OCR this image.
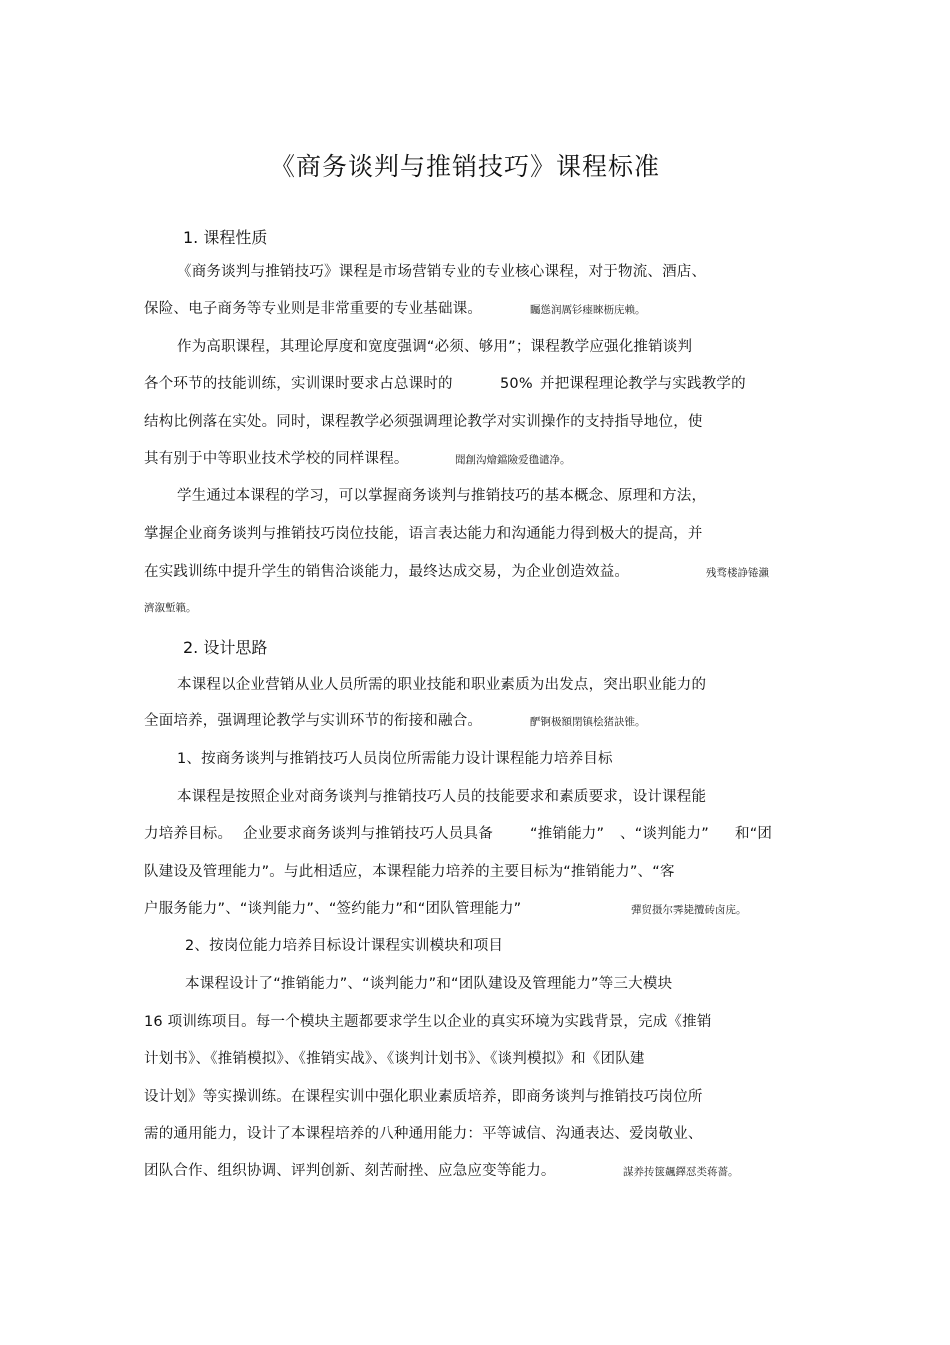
《商务谈判与推销技巧》课程标准
1. 课程性质
《商务谈判与推销技巧》课程是市场营销专业的专业核心课程，对于物流、酒店、
保险、电子商务等专业则是非常重要的专业基础课。	矚慫润厲钐瘗睞枥庑赖。
作为高职课程，其理论厚度和宽度强调“必须、够用”；课程教学应强化推销谈判
各个环节的技能训练，实训课时要求占总课时的	50% 并把课程理论教学与实践教学的
结构比例落在实处。同时，课程教学必须强调理论教学对实训操作的支持指导地位，使
其有别于中等职业技术学校的同样课程。	聞創沟燴鐺險爱氇谴净。
学生通过本课程的学习，可以掌握商务谈判与推销技巧的基本概念、原理和方法，
掌握企业商务谈判与推销技巧岗位技能，语言表达能力和沟通能力得到极大的提高，并
在实践训练中提升学生的销售洽谈能力，最终达成交易，为企业创造效益。	残骛楼諍锩瀨
濟溆塹籟。
2. 设计思路
本课程以企业营销从业人员所需的职业技能和职业素质为出发点，突出职业能力的
全面培养，强调理论教学与实训环节的衔接和融合。	酽锕极額閉镇桧猪訣锥。
1、按商务谈判与推销技巧人员岗位所需能力设计课程能力培养目标
本课程是按照企业对商务谈判与推销技巧人员的技能要求和素质要求，设计课程能
力培养目标。 企业要求商务谈判与推销技巧人员具备	“推销能力” 、“谈判能力” 和“团
队建设及管理能力”。与此相适应，本课程能力培养的主要目标为“推销能力”、“客
户服务能力”、“谈判能力”、“签约能力”和“团队管理能力”	彈贸摄尔霁毙攬砖卤庑。
2、按岗位能力培养目标设计课程实训模块和项目
本课程设计了“推销能力”、“谈判能力”和“团队建设及管理能力”等三大模块
16 项训练项目。每一个模块主题都要求学生以企业的真实环境为实践背景，完成《推销
计划书》、《推销模拟》、《推销实战》、《谈判计划书》、《谈判模拟》和《团队建
设计划》等实操训练。在课程实训中强化职业素质培养，即商务谈判与推销技巧岗位所
需的通用能力，设计了本课程培养的八种通用能力：平等诚信、沟通表达、爱岗敬业、
团队合作、组织协调、评判创新、刻苦耐挫、应急应变等能力。	謀养抟箧飆鐸怼类蒋薔。
